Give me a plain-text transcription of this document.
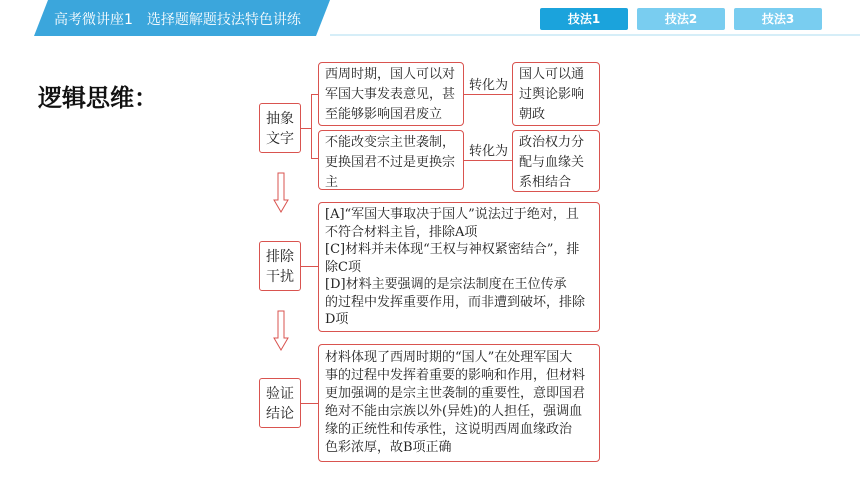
高考微讲座1　选择题解题技法特色讲练	技法1	技法2	技法3
逻辑思维：
抽象
文字
西周时期，国人可以对军国大事发表意见，甚至能够影响国君废立
转化为
国人可以通过舆论影响朝政
不能改变宗主世袭制，更换国君不过是更换宗主
转化为
政治权力分配与血缘关系相结合
排除
干扰
[A]“军国大事取决于国人”说法过于绝对，且
不符合材料主旨，排除A项
[C]材料并未体现“王权与神权紧密结合”，排
除C项
[D]材料主要强调的是宗法制度在王位传承
的过程中发挥重要作用，而非遭到破坏，排除
D项
验证
结论
材料体现了西周时期的“国人”在处理军国大
事的过程中发挥着重要的影响和作用，但材料
更加强调的是宗主世袭制的重要性，意即国君
绝对不能由宗族以外(异姓)的人担任，强调血
缘的正统性和传承性，这说明西周血缘政治
色彩浓厚，故B项正确
